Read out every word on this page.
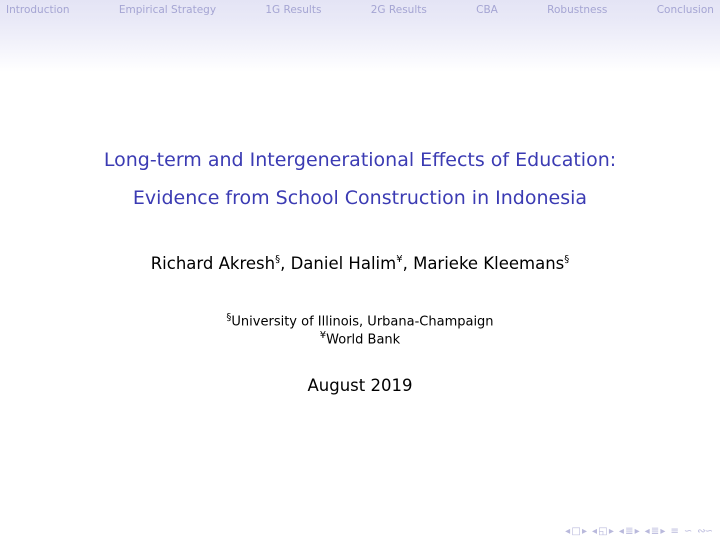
Introduction	Empirical Strategy	1G Results	2G Results	CBA	Robustness	Conclusion
Long-term and Intergenerational Effects of Education:
Evidence from School Construction in Indonesia
Richard Akresh§, Daniel Halim¥, Marieke Kleemans§
§University of Illinois, Urbana-Champaign
¥World Bank
August 2019
◂ □ ▸ ◂ ◱ ▸ ◂ ≣ ▸ ◂ ≣ ▸ ≡ ∽ ∾∽
